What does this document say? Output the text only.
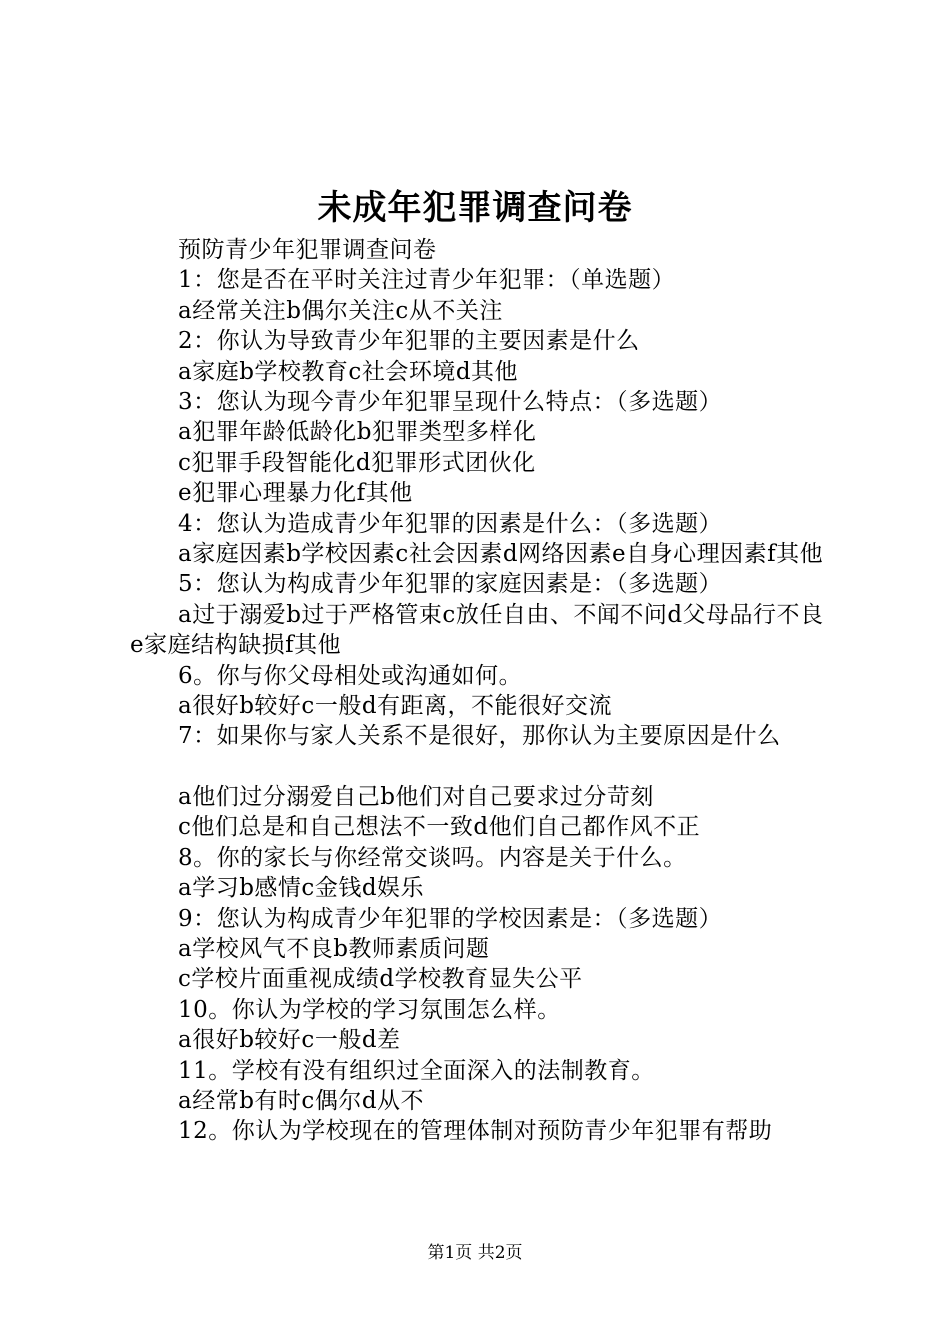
未成年犯罪调查问卷
预防青少年犯罪调查问卷
1：您是否在平时关注过青少年犯罪：（单选题）
a经常关注b偶尔关注c从不关注
2：你认为导致青少年犯罪的主要因素是什么
a家庭b学校教育c社会环境d其他
3：您认为现今青少年犯罪呈现什么特点：（多选题）
a犯罪年龄低龄化b犯罪类型多样化
c犯罪手段智能化d犯罪形式团伙化
e犯罪心理暴力化f其他
4：您认为造成青少年犯罪的因素是什么：（多选题）
a家庭因素b学校因素c社会因素d网络因素e自身心理因素f其他
5：您认为构成青少年犯罪的家庭因素是：（多选题）
a过于溺爱b过于严格管束c放任自由、不闻不问d父母品行不良e家庭结构缺损f其他
6。你与你父母相处或沟通如何。
a很好b较好c一般d有距离，不能很好交流
7：如果你与家人关系不是很好，那你认为主要原因是什么
a他们过分溺爱自己b他们对自己要求过分苛刻
c他们总是和自己想法不一致d他们自己都作风不正
8。你的家长与你经常交谈吗。内容是关于什么。
a学习b感情c金钱d娱乐
9：您认为构成青少年犯罪的学校因素是：（多选题）
a学校风气不良b教师素质问题
c学校片面重视成绩d学校教育显失公平
10。你认为学校的学习氛围怎么样。
a很好b较好c一般d差
11。学校有没有组织过全面深入的法制教育。
a经常b有时c偶尔d从不
12。你认为学校现在的管理体制对预防青少年犯罪有帮助
第1页 共2页
